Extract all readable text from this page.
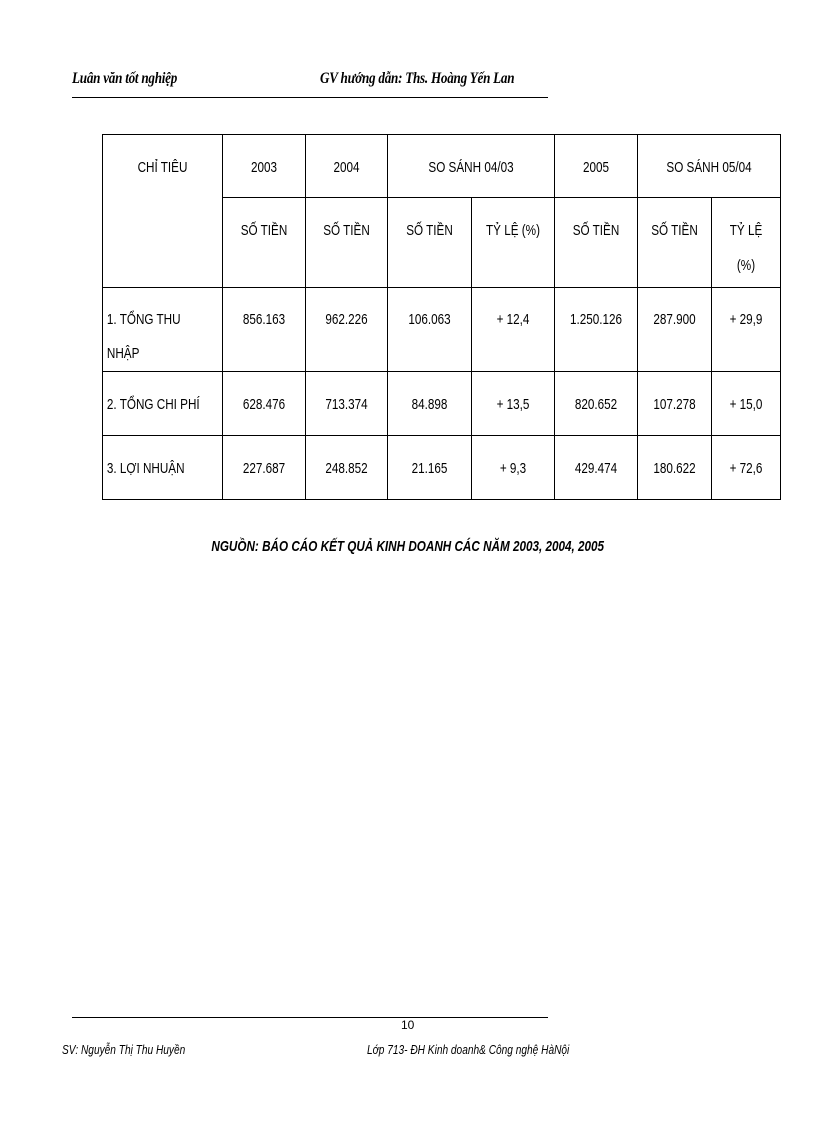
Luân văn tốt nghiệp	GV hướng dẫn: Ths. Hoàng Yến Lan
CHỈ TIÊU	2003	2004	SO SÁNH 04/03		2005	SO SÁNH 05/04	

	SỐ TIỀN	SỐ TIỀN	SỐ TIỀN	TỶ LỆ (%)	SỐ TIỀN	SỐ TIỀN	TỶ LỆ
(%)

1. TỔNG THU
NHẬP	856.163	962.226	106.063	+ 12,4	1.250.126	287.900	+ 29,9

2. TỔNG CHI PHÍ	628.476	713.374	84.898	+ 13,5	820.652	107.278	+ 15,0

3. LỢI NHUẬN	227.687	248.852	21.165	+ 9,3	429.474	180.622	+ 72,6
NGUỒN: BÁO CÁO KẾT QUẢ KINH DOANH CÁC NĂM 2003, 2004, 2005
10
SV: Nguyễn Thị Thu Huyền	Lớp 713- ĐH Kinh doanh& Công nghệ HàNội
